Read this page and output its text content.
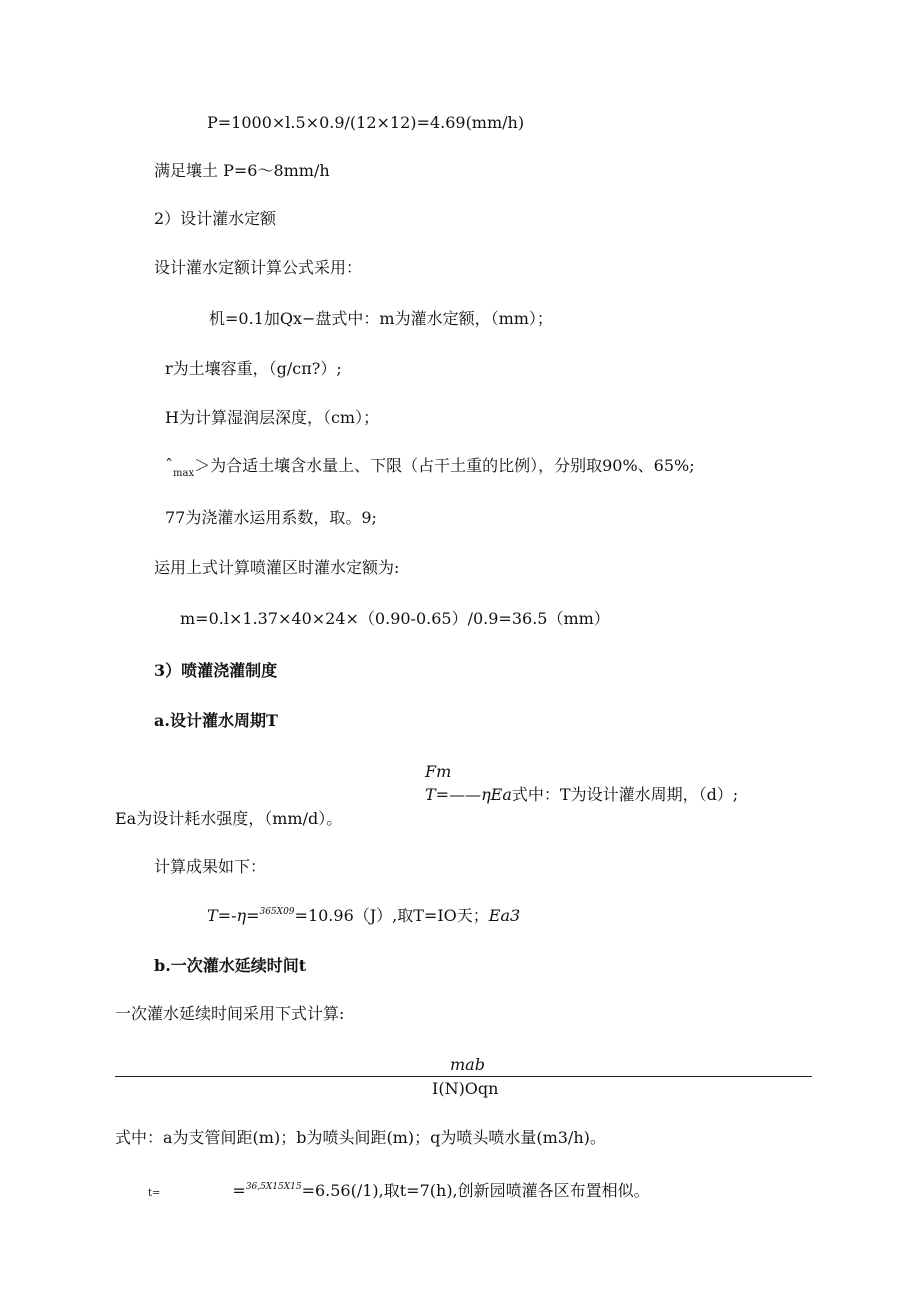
P=1000×l.5×0.9/(12×12)=4.69(mm∕h)
满足壤土 P=6～8mm/h
2）设计灌水定额
设计灌水定额计算公式采用：
机=0.1加Qx−盘式中：m为灌水定额，（mm）；
r为土壤容重，（g∕cπ?）;
H为计算湿润层深度，（cm）；
ˆ$_{max}$＞为合适土壤含水量上、下限（占干土重的比例），分别取90%、65%;
77为浇灌水运用系数，取。9;
运用上式计算喷灌区时灌水定额为:
m=0.l×1.37×40×24×（0.90-0.65）/0.9=36.5（mm）
3）喷灌浇灌制度
a.设计灌水周期T
Fm
T=——ηEa式中：T为设计灌水周期，（d）;
Ea为设计耗水强度，（mm/d）。
计算成果如下：
T=-η=$^{365X09}$=10.96（J）,取T=IO天；Ea3
b.一次灌水延续时间t
一次灌水延续时间采用下式计算:
mab
I(N)Oqn
式中：a为支管间距(m)；b为喷头间距(m)；q为喷头喷水量(m3/h)。
t=	=$^{36,5X15X15}$=6.56(/1),取t=7(h),创新园喷灌各区布置相似。
